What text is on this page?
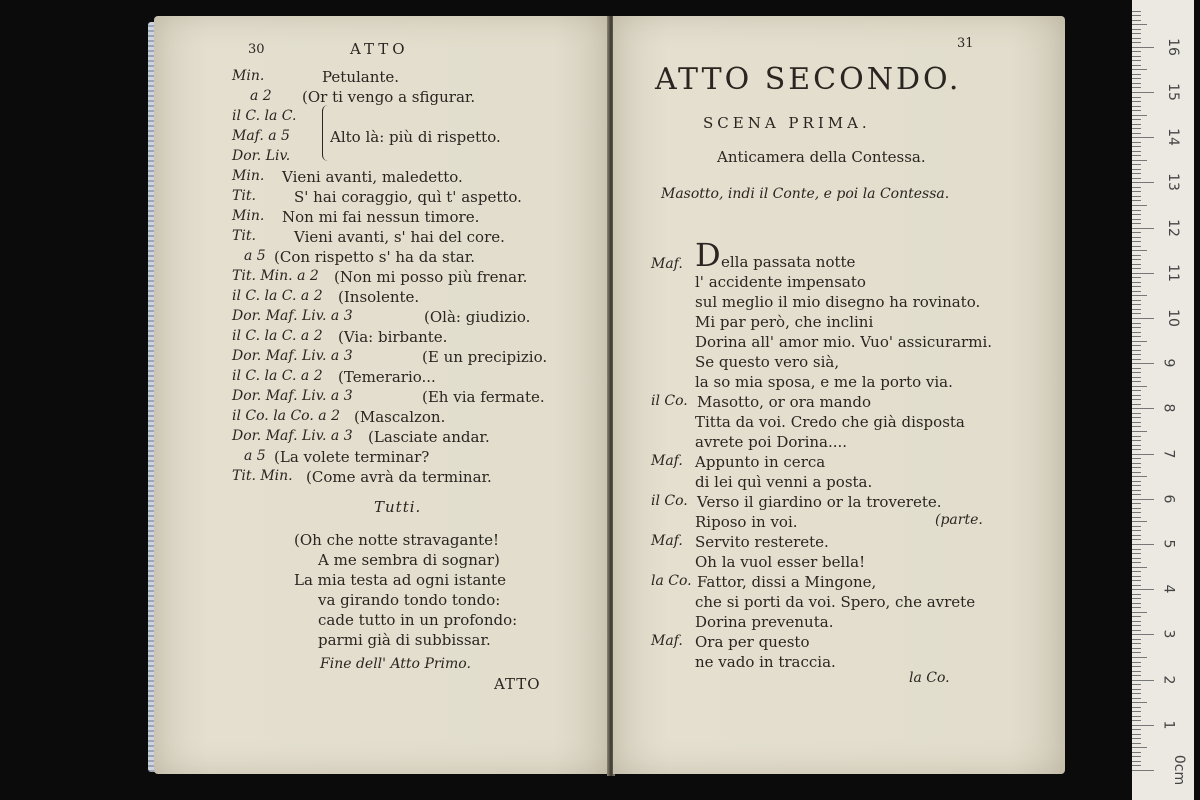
30	ATTO
Min.
a 2
il C. la C.
Maf. a 5
Dor. Liv.
Min.
Tit.
Min.
Tit.
a 5
Tit. Min. a 2
il C. la C. a 2
Dor. Maf. Liv. a 3
il C. la C. a 2
Dor. Maf. Liv. a 3
il C. la C. a 2
Dor. Maf. Liv. a 3
il Co. la Co. a 2
Dor. Maf. Liv. a 3
a 5
Tit. Min.
Petulante.
(Or ti vengo a sfigurar.
Alto là: più di rispetto.
Vieni avanti, maledetto.
S' hai coraggio, quì t' aspetto.
Non mi fai nessun timore.
Vieni avanti, s' hai del core.
(Con rispetto s' ha da star.
(Non mi posso più frenar.
(Insolente.
(Olà: giudizio.
(Via: birbante.
(E un precipizio.
(Temerario...
(Eh via fermate.
(Mascalzon.
(Lasciate andar.
(La volete terminar?
(Come avrà da terminar.
Tutti.
(Oh che notte stravagante!
A me sembra di sognar)
La mia testa ad ogni istante
va girando tondo tondo:
cade tutto in un profondo:
parmi già di subbissar.
Fine dell' Atto Primo.
ATTO
31
ATTO SECONDO.
SCENA PRIMA.
Anticamera della Contessa.
Masotto, indi il Conte, e poi la Contessa.
Maf. D ella passata notte
l' accidente impensato
sul meglio il mio disegno ha rovinato.
Mi par però, che inclini
Dorina all' amor mio. Vuo' assicurarmi.
Se questo vero sià,
la so mia sposa, e me la porto via.
il Co. Masotto, or ora mando
Titta da voi. Credo che già disposta
avrete poi Dorina....
Maf. Appunto in cerca
di lei quì venni a posta.
il Co. Verso il giardino or la troverete.
Riposo in voi.	(parte.
Maf. Servito resterete.
Oh la vuol esser bella!
la Co. Fattor, dissi a Mingone,
che si porti da voi. Spero, che avrete
Dorina prevenuta.
Maf. Ora per questo
ne vado in traccia.
la Co.
0cm
1
2
3
4
5
6
7
8
9
10
11
12
13
14
15
16
